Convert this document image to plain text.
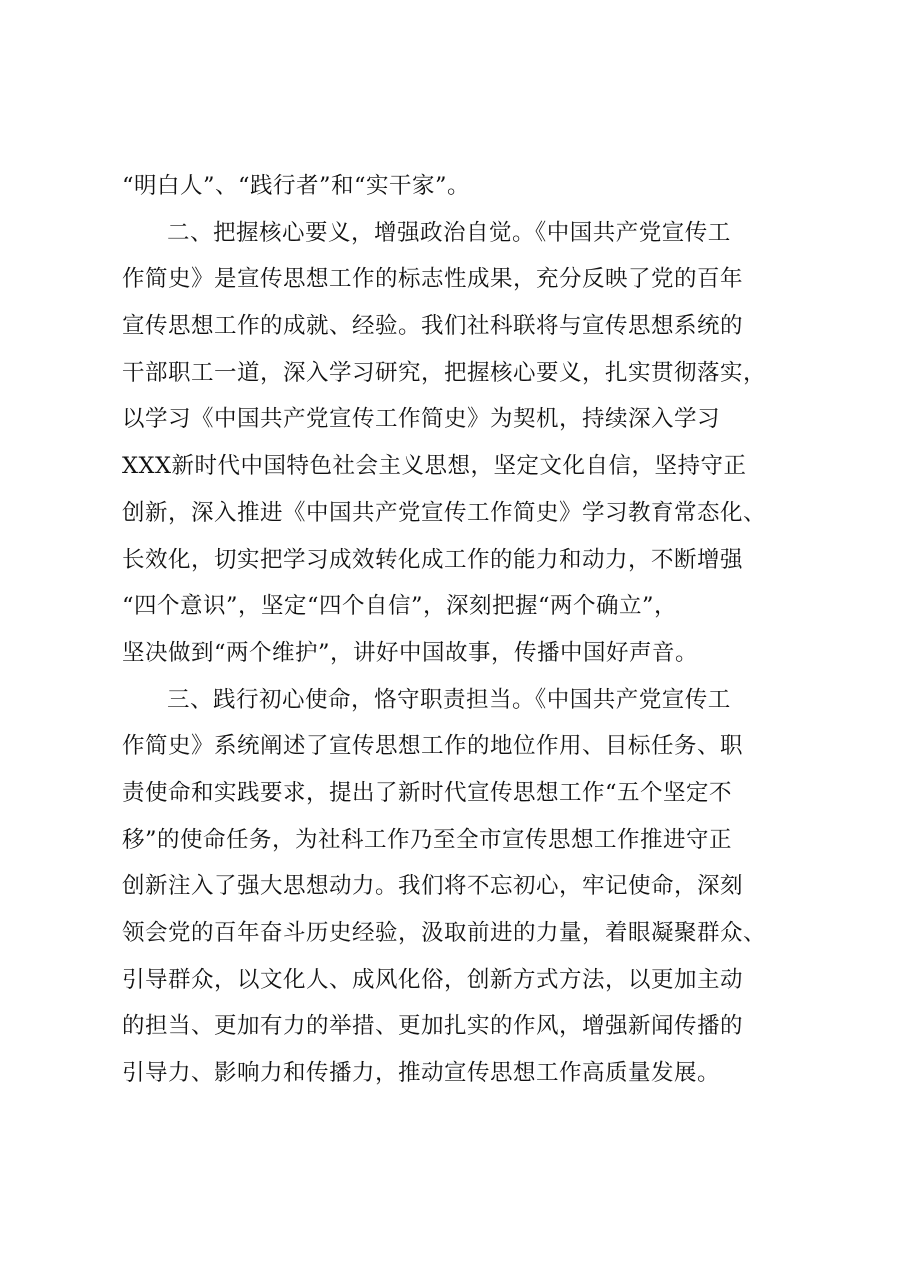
“明白人”、“践行者”和“实干家”。
二、把握核心要义，增强政治自觉。《中国共产党宣传工
作简史》是宣传思想工作的标志性成果，充分反映了党的百年
宣传思想工作的成就、经验。我们社科联将与宣传思想系统的
干部职工一道，深入学习研究，把握核心要义，扎实贯彻落实，
以学习《中国共产党宣传工作简史》为契机，持续深入学习
XXX新时代中国特色社会主义思想，坚定文化自信，坚持守正
创新，深入推进《中国共产党宣传工作简史》学习教育常态化、
长效化，切实把学习成效转化成工作的能力和动力，不断增强
“四个意识”，坚定“四个自信”，深刻把握“两个确立”，
坚决做到“两个维护”，讲好中国故事，传播中国好声音。
三、践行初心使命，恪守职责担当。《中国共产党宣传工
作简史》系统阐述了宣传思想工作的地位作用、目标任务、职
责使命和实践要求，提出了新时代宣传思想工作“五个坚定不
移”的使命任务，为社科工作乃至全市宣传思想工作推进守正
创新注入了强大思想动力。我们将不忘初心，牢记使命，深刻
领会党的百年奋斗历史经验，汲取前进的力量，着眼凝聚群众、
引导群众，以文化人、成风化俗，创新方式方法，以更加主动
的担当、更加有力的举措、更加扎实的作风，增强新闻传播的
引导力、影响力和传播力，推动宣传思想工作高质量发展。
